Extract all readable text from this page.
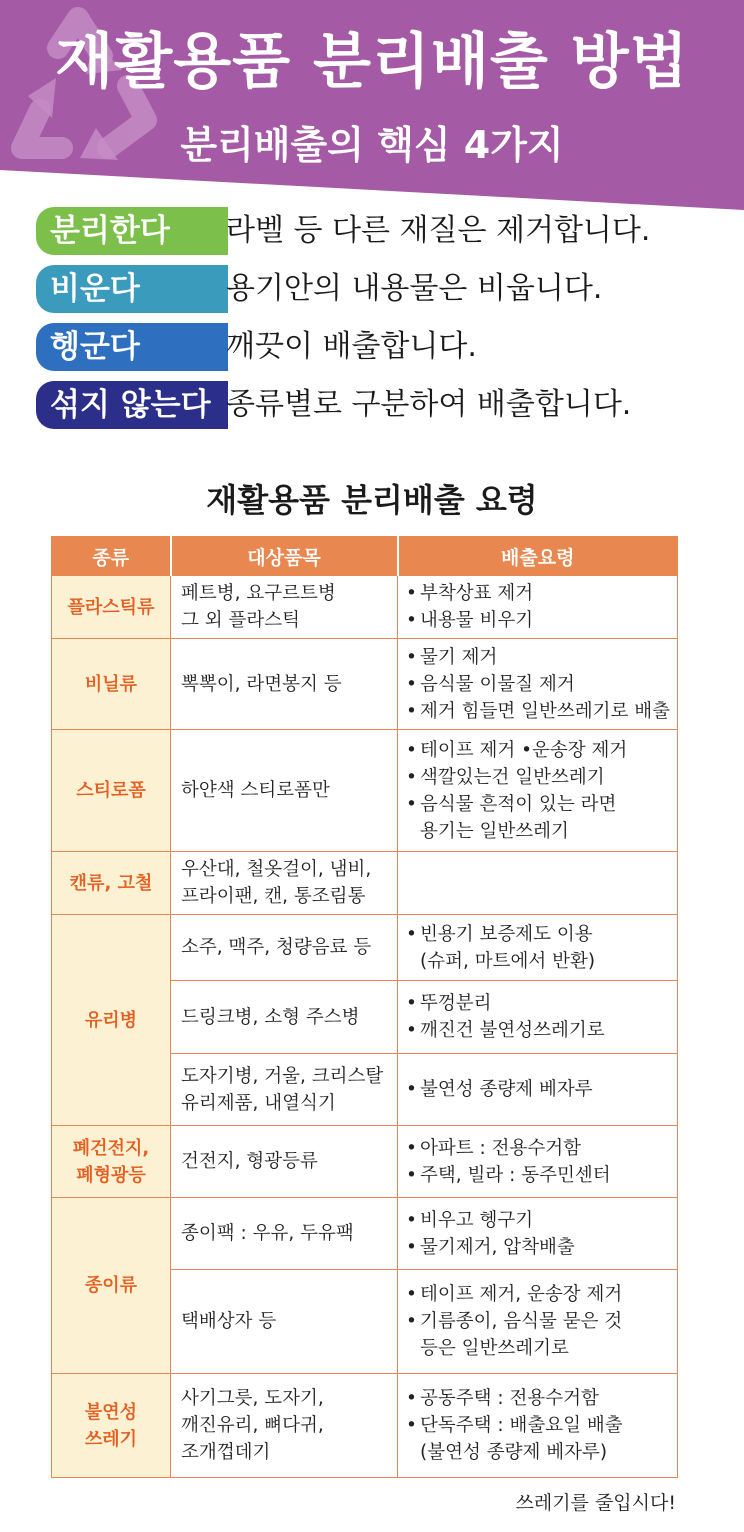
재활용품 분리배출 방법
분리배출의 핵심 4가지
분리한다	라벨 등 다른 재질은 제거합니다.
비운다	용기안의 내용물은 비웁니다.
헹군다	깨끗이 배출합니다.
섞지 않는다 종류별로 구분하여 배출합니다.
재활용품 분리배출 요령
종류	대상품목	배출요령

플라스틱류	페트병, 요구르트병
그 외 플라스틱	• 부착상표 제거
• 내용물 비우기

비닐류	뽁뽁이, 라면봉지 등	• 물기 제거
• 음식물 이물질 제거
• 제거 힘들면 일반쓰레기로 배출

스티로폼	하얀색 스티로폼만	• 테이프 제거 •운송장 제거
• 색깔있는건 일반쓰레기
• 음식물 흔적이 있는 라면
용기는 일반쓰레기

캔류, 고철	우산대, 철옷걸이, 냄비,
프라이팬, 캔, 통조림통	

유리병	소주, 맥주, 청량음료 등	• 빈용기 보증제도 이용
(슈퍼, 마트에서 반환)

	드링크병, 소형 주스병	• 뚜껑분리
• 깨진건 불연성쓰레기로

	도자기병, 거울, 크리스탈
유리제품, 내열식기	• 불연성 종량제 베자루

폐건전지,
폐형광등	건전지, 형광등류	• 아파트 : 전용수거함
• 주택, 빌라 : 동주민센터

종이류	종이팩 : 우유, 두유팩	• 비우고 헹구기
• 물기제거, 압착배출

	택배상자 등	• 테이프 제거, 운송장 제거
• 기름종이, 음식물 묻은 것
등은 일반쓰레기로

불연성
쓰레기	사기그릇, 도자기,
깨진유리, 뼈다귀,
조개껍데기	• 공동주택 : 전용수거함
• 단독주택 : 배출요일 배출
(불연성 종량제 베자루)
쓰레기를 줄입시다!
